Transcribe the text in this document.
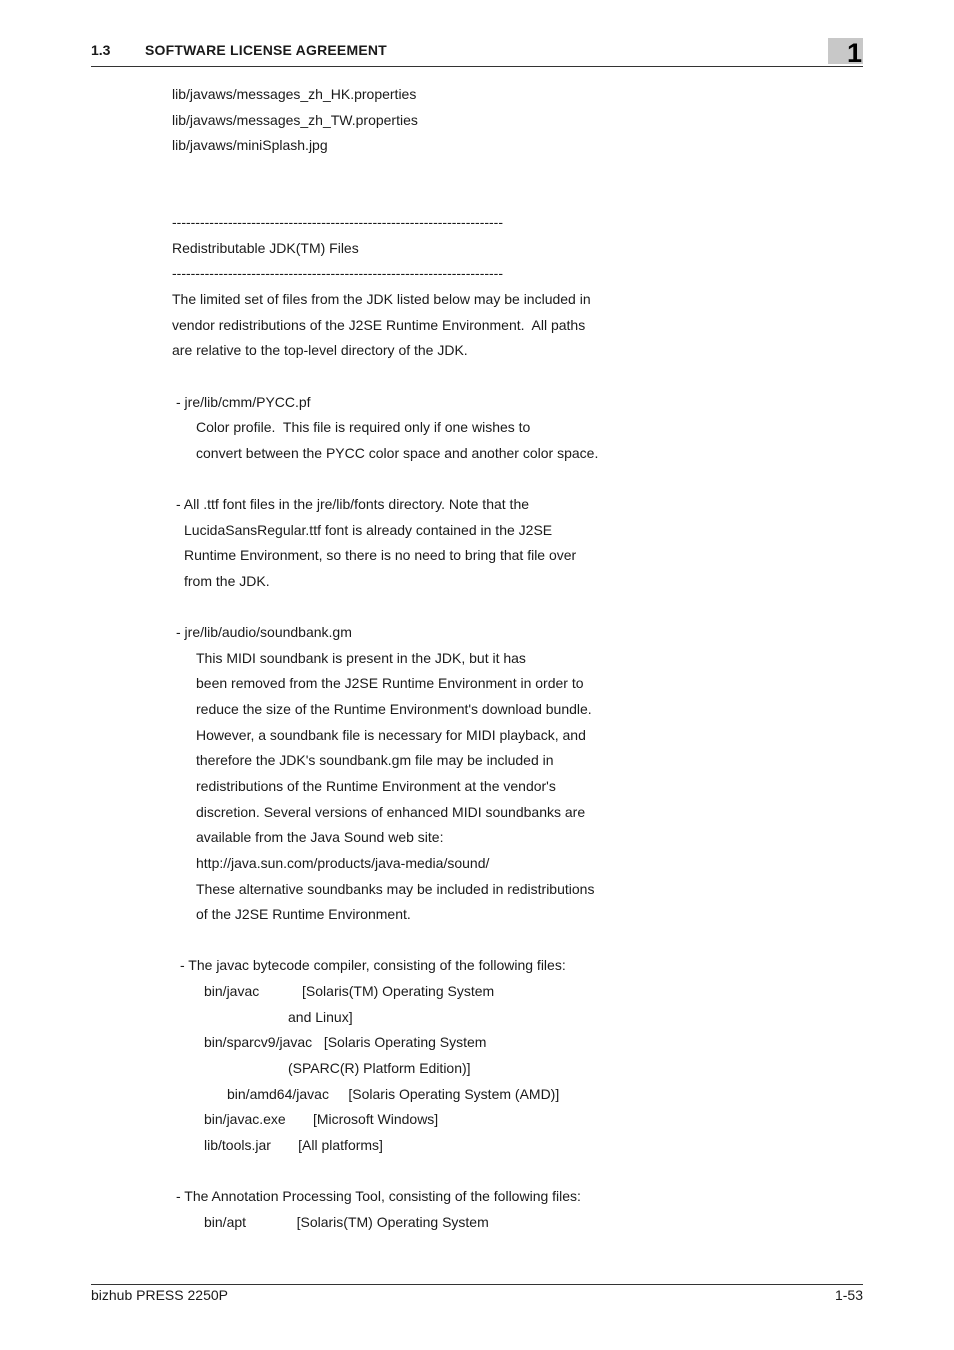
1.3 SOFTWARE LICENSE AGREEMENT	1
lib/javaws/messages_zh_HK.properties
lib/javaws/messages_zh_TW.properties
lib/javaws/miniSplash.jpg
-----------------------------------------------------------------------
Redistributable JDK(TM) Files
-----------------------------------------------------------------------
The limited set of files from the JDK listed below may be included in
vendor redistributions of the J2SE Runtime Environment.  All paths
are relative to the top-level directory of the JDK.
- jre/lib/cmm/PYCC.pf
Color profile.  This file is required only if one wishes to
convert between the PYCC color space and another color space.
- All .ttf font files in the jre/lib/fonts directory. Note that the
LucidaSansRegular.ttf font is already contained in the J2SE
Runtime Environment, so there is no need to bring that file over
from the JDK.
- jre/lib/audio/soundbank.gm
This MIDI soundbank is present in the JDK, but it has
been removed from the J2SE Runtime Environment in order to
reduce the size of the Runtime Environment's download bundle.
However, a soundbank file is necessary for MIDI playback, and
therefore the JDK's soundbank.gm file may be included in
redistributions of the Runtime Environment at the vendor's
discretion. Several versions of enhanced MIDI soundbanks are
available from the Java Sound web site:
http://java.sun.com/products/java-media/sound/
These alternative soundbanks may be included in redistributions
of the J2SE Runtime Environment.
- The javac bytecode compiler, consisting of the following files:
bin/javac           [Solaris(TM) Operating System
and Linux]
bin/sparcv9/javac   [Solaris Operating System
(SPARC(R) Platform Edition)]
bin/amd64/javac     [Solaris Operating System (AMD)]
bin/javac.exe       [Microsoft Windows]
lib/tools.jar       [All platforms]
- The Annotation Processing Tool, consisting of the following files:
bin/apt             [Solaris(TM) Operating System
bizhub PRESS 2250P	1-53
